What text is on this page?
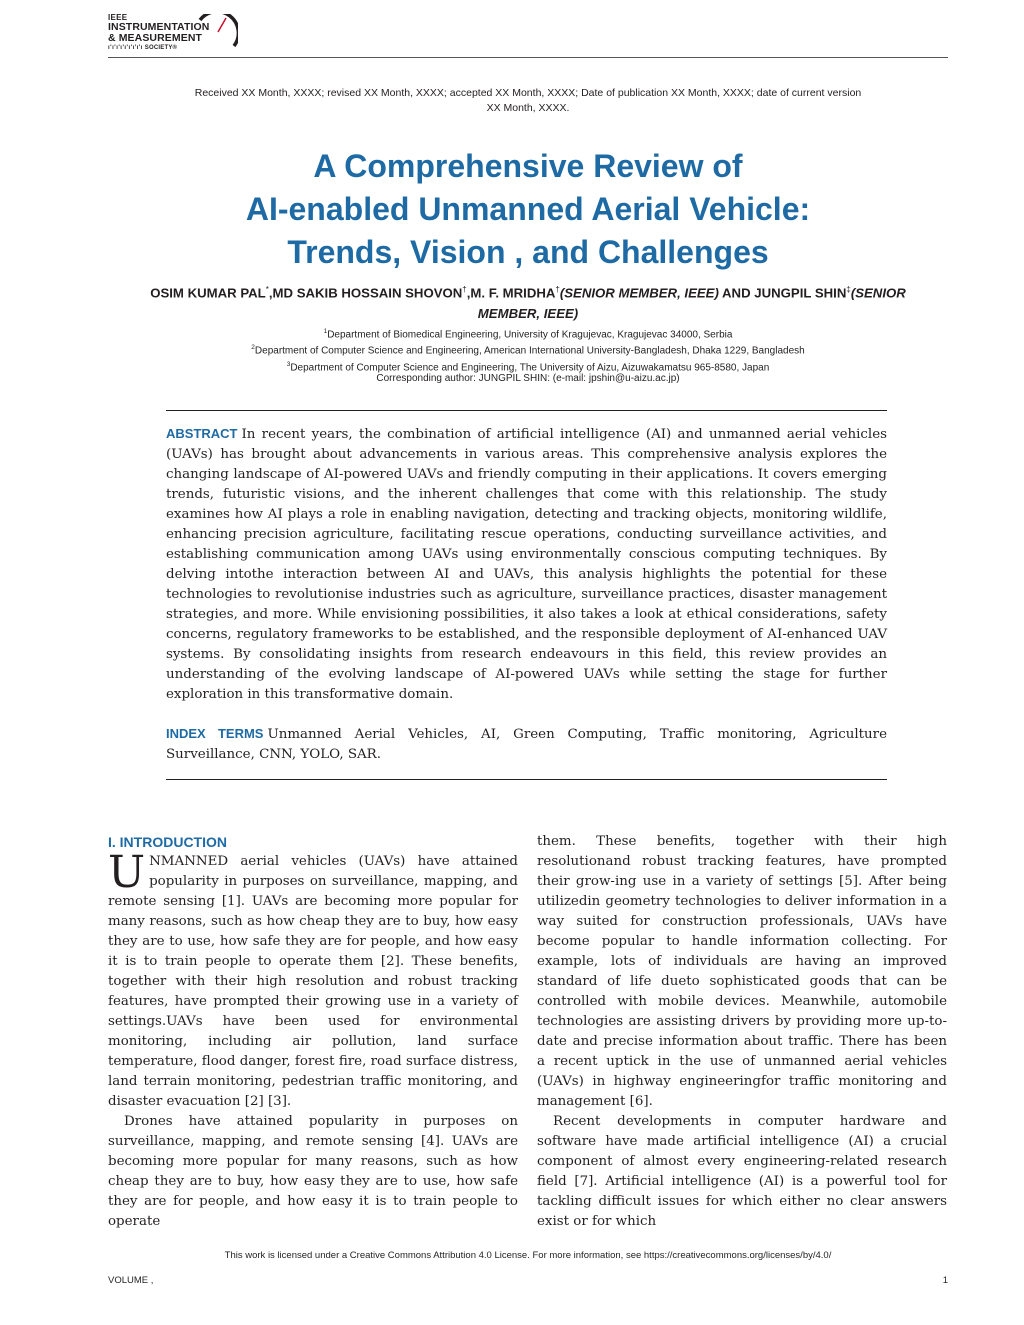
IEEE
INSTRUMENTATION
& MEASUREMENT
ı'ı'ı'ı'ı'ı'ı'ı'ı SOCIETY®
Received XX Month, XXXX; revised XX Month, XXXX; accepted XX Month, XXXX; Date of publication XX Month, XXXX; date of current version XX Month, XXXX.
A Comprehensive Review of
AI-enabled Unmanned Aerial Vehicle:
Trends, Vision , and Challenges
OSIM KUMAR PAL*,MD SAKIB HOSSAIN SHOVON†,M. F. MRIDHA†(SENIOR MEMBER, IEEE) AND JUNGPIL SHIN‡(SENIOR MEMBER, IEEE)
$^1$Department of Biomedical Engineering, University of Kragujevac, Kragujevac 34000, Serbia
$^2$Department of Computer Science and Engineering, American International University-Bangladesh, Dhaka 1229, Bangladesh
$^3$Department of Computer Science and Engineering, The University of Aizu, Aizuwakamatsu 965-8580, Japan
Corresponding author: JUNGPIL SHIN: (e-mail: jpshin@u-aizu.ac.jp)
ABSTRACT In recent years, the combination of artificial intelligence (AI) and unmanned aerial vehicles (UAVs) has brought about advancements in various areas. This comprehensive analysis explores the changing landscape of AI-powered UAVs and friendly computing in their applications. It covers emerging trends, futuristic visions, and the inherent challenges that come with this relationship. The study examines how AI plays a role in enabling navigation, detecting and tracking objects, monitoring wildlife, enhancing precision agriculture, facilitating rescue operations, conducting surveillance activities, and establishing communication among UAVs using environmentally conscious computing techniques. By delving intothe interaction between AI and UAVs, this analysis highlights the potential for these technologies to revolutionise industries such as agriculture, surveillance practices, disaster management strategies, and more. While envisioning possibilities, it also takes a look at ethical considerations, safety concerns, regulatory frameworks to be established, and the responsible deployment of AI-enhanced UAV systems. By consolidating insights from research endeavours in this field, this review provides an understanding of the evolving landscape of AI-powered UAVs while setting the stage for further exploration in this transformative domain.
INDEX TERMS Unmanned Aerial Vehicles, AI, Green Computing, Traffic monitoring, Agriculture Surveillance, CNN, YOLO, SAR.
I. INTRODUCTION

UNMANNED aerial vehicles (UAVs) have attained popularity in purposes on surveillance, mapping, and remote sensing [1]. UAVs are becoming more popular for many reasons, such as how cheap they are to buy, how easy they are to use, how safe they are for people, and how easy it is to train people to operate them [2]. These benefits, together with their high resolution and robust tracking features, have prompted their growing use in a variety of settings.UAVs have been used for environmental monitoring, including air pollution, land surface temperature, flood danger, forest fire, road surface distress, land terrain monitoring, pedestrian traffic monitoring, and disaster evacuation [2] [3].

Drones have attained popularity in purposes on surveillance, mapping, and remote sensing [4]. UAVs are becoming more popular for many reasons, such as how cheap they are to buy, how easy they are to use, how safe they are for people, and how easy it is to train people to operate

them. These benefits, together with their high resolutionand robust tracking features, have prompted their grow-ing use in a variety of settings [5]. After being utilizedin geometry technologies to deliver information in a way suited for construction professionals, UAVs have become popular to handle information collecting. For example, lots of individuals are having an improved standard of life dueto sophisticated goods that can be controlled with mobile devices. Meanwhile, automobile technologies are assisting drivers by providing more up-to-date and precise information about traffic. There has been a recent uptick in the use of unmanned aerial vehicles (UAVs) in highway engineeringfor traffic monitoring and management [6].

Recent developments in computer hardware and software have made artificial intelligence (AI) a crucial component of almost every engineering-related research field [7]. Artificial intelligence (AI) is a powerful tool for tackling difficult issues for which either no clear answers exist or for which

This work is licensed under a Creative Commons Attribution 4.0 License. For more information, see https://creativecommons.org/licenses/by/4.0/
VOLUME ,	1
